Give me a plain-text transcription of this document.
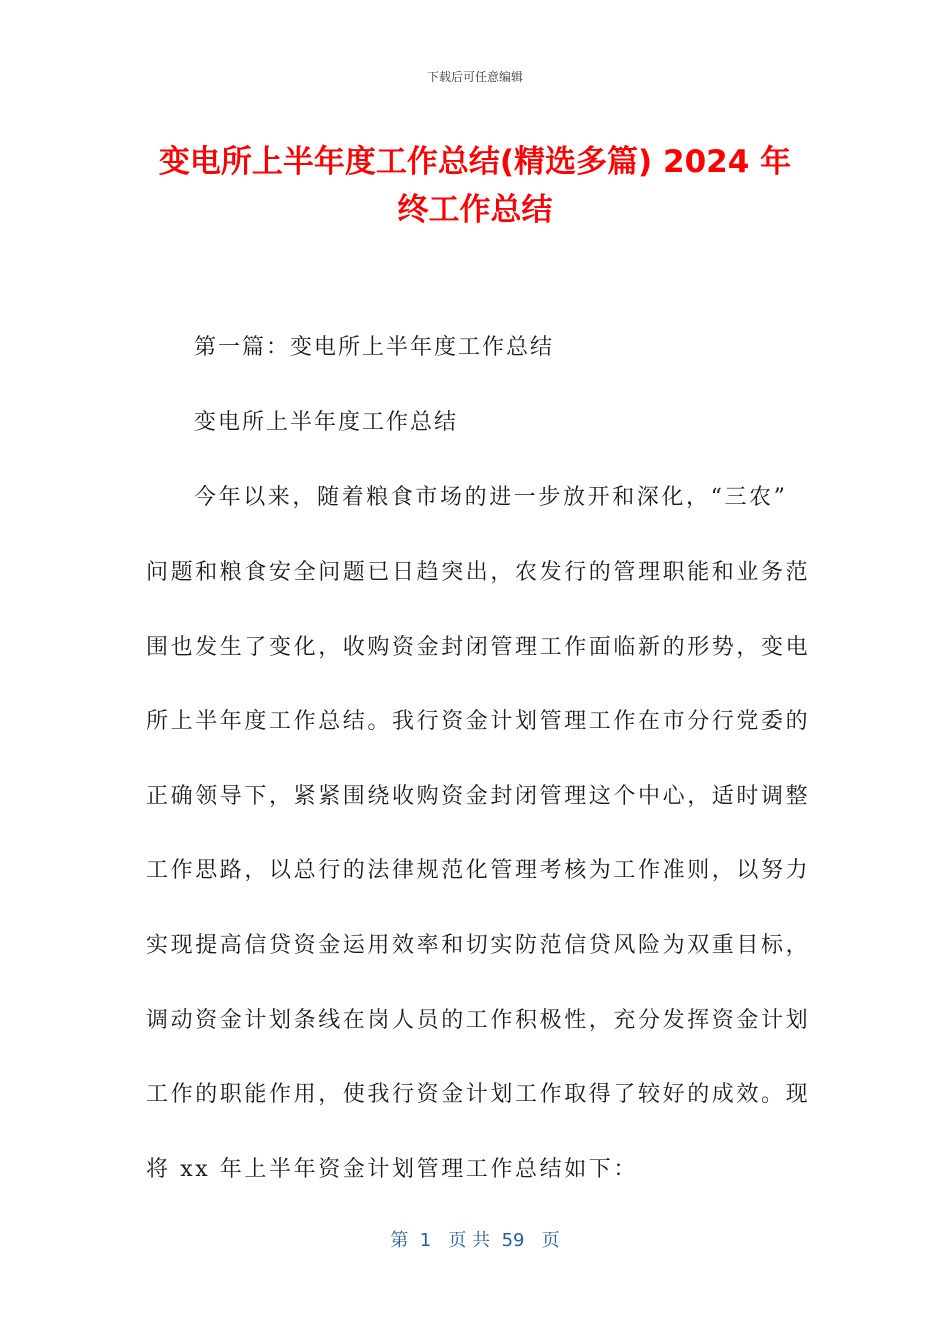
下载后可任意编辑
变电所上半年度工作总结(精选多篇) 2024 年
终工作总结

第一篇：变电所上半年度工作总结

变电所上半年度工作总结

今年以来，随着粮食市场的进一步放开和深化，“三农”

问题和粮食安全问题已日趋突出，农发行的管理职能和业务范

围也发生了变化，收购资金封闭管理工作面临新的形势，变电

所上半年度工作总结。我行资金计划管理工作在市分行党委的

正确领导下，紧紧围绕收购资金封闭管理这个中心，适时调整

工作思路，以总行的法律规范化管理考核为工作准则，以努力

实现提高信贷资金运用效率和切实防范信贷风险为双重目标，

调动资金计划条线在岗人员的工作积极性，充分发挥资金计划

工作的职能作用，使我行资金计划工作取得了较好的成效。现

将 xx 年上半年资金计划管理工作总结如下：

第  1   页 共  59   页
